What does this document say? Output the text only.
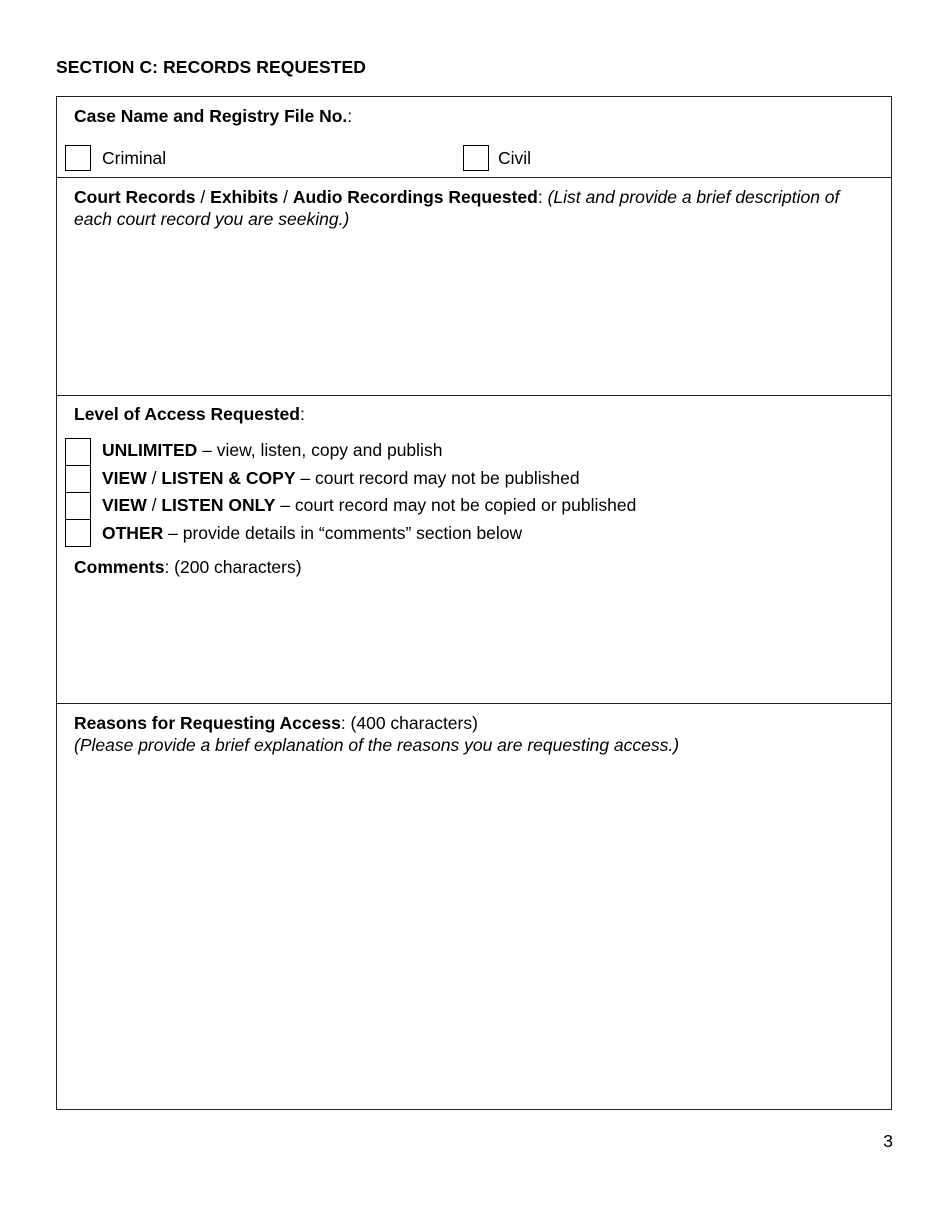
SECTION C: RECORDS REQUESTED
Case Name and Registry File No.:
Criminal	Civil
Court Records / Exhibits / Audio Recordings Requested: (List and provide a brief description of each court record you are seeking.)
Level of Access Requested:
UNLIMITED – view, listen, copy and publish
VIEW / LISTEN & COPY – court record may not be published
VIEW / LISTEN ONLY – court record may not be copied or published
OTHER – provide details in “comments” section below
Comments: (200 characters)
Reasons for Requesting Access: (400 characters)
(Please provide a brief explanation of the reasons you are requesting access.)
3
